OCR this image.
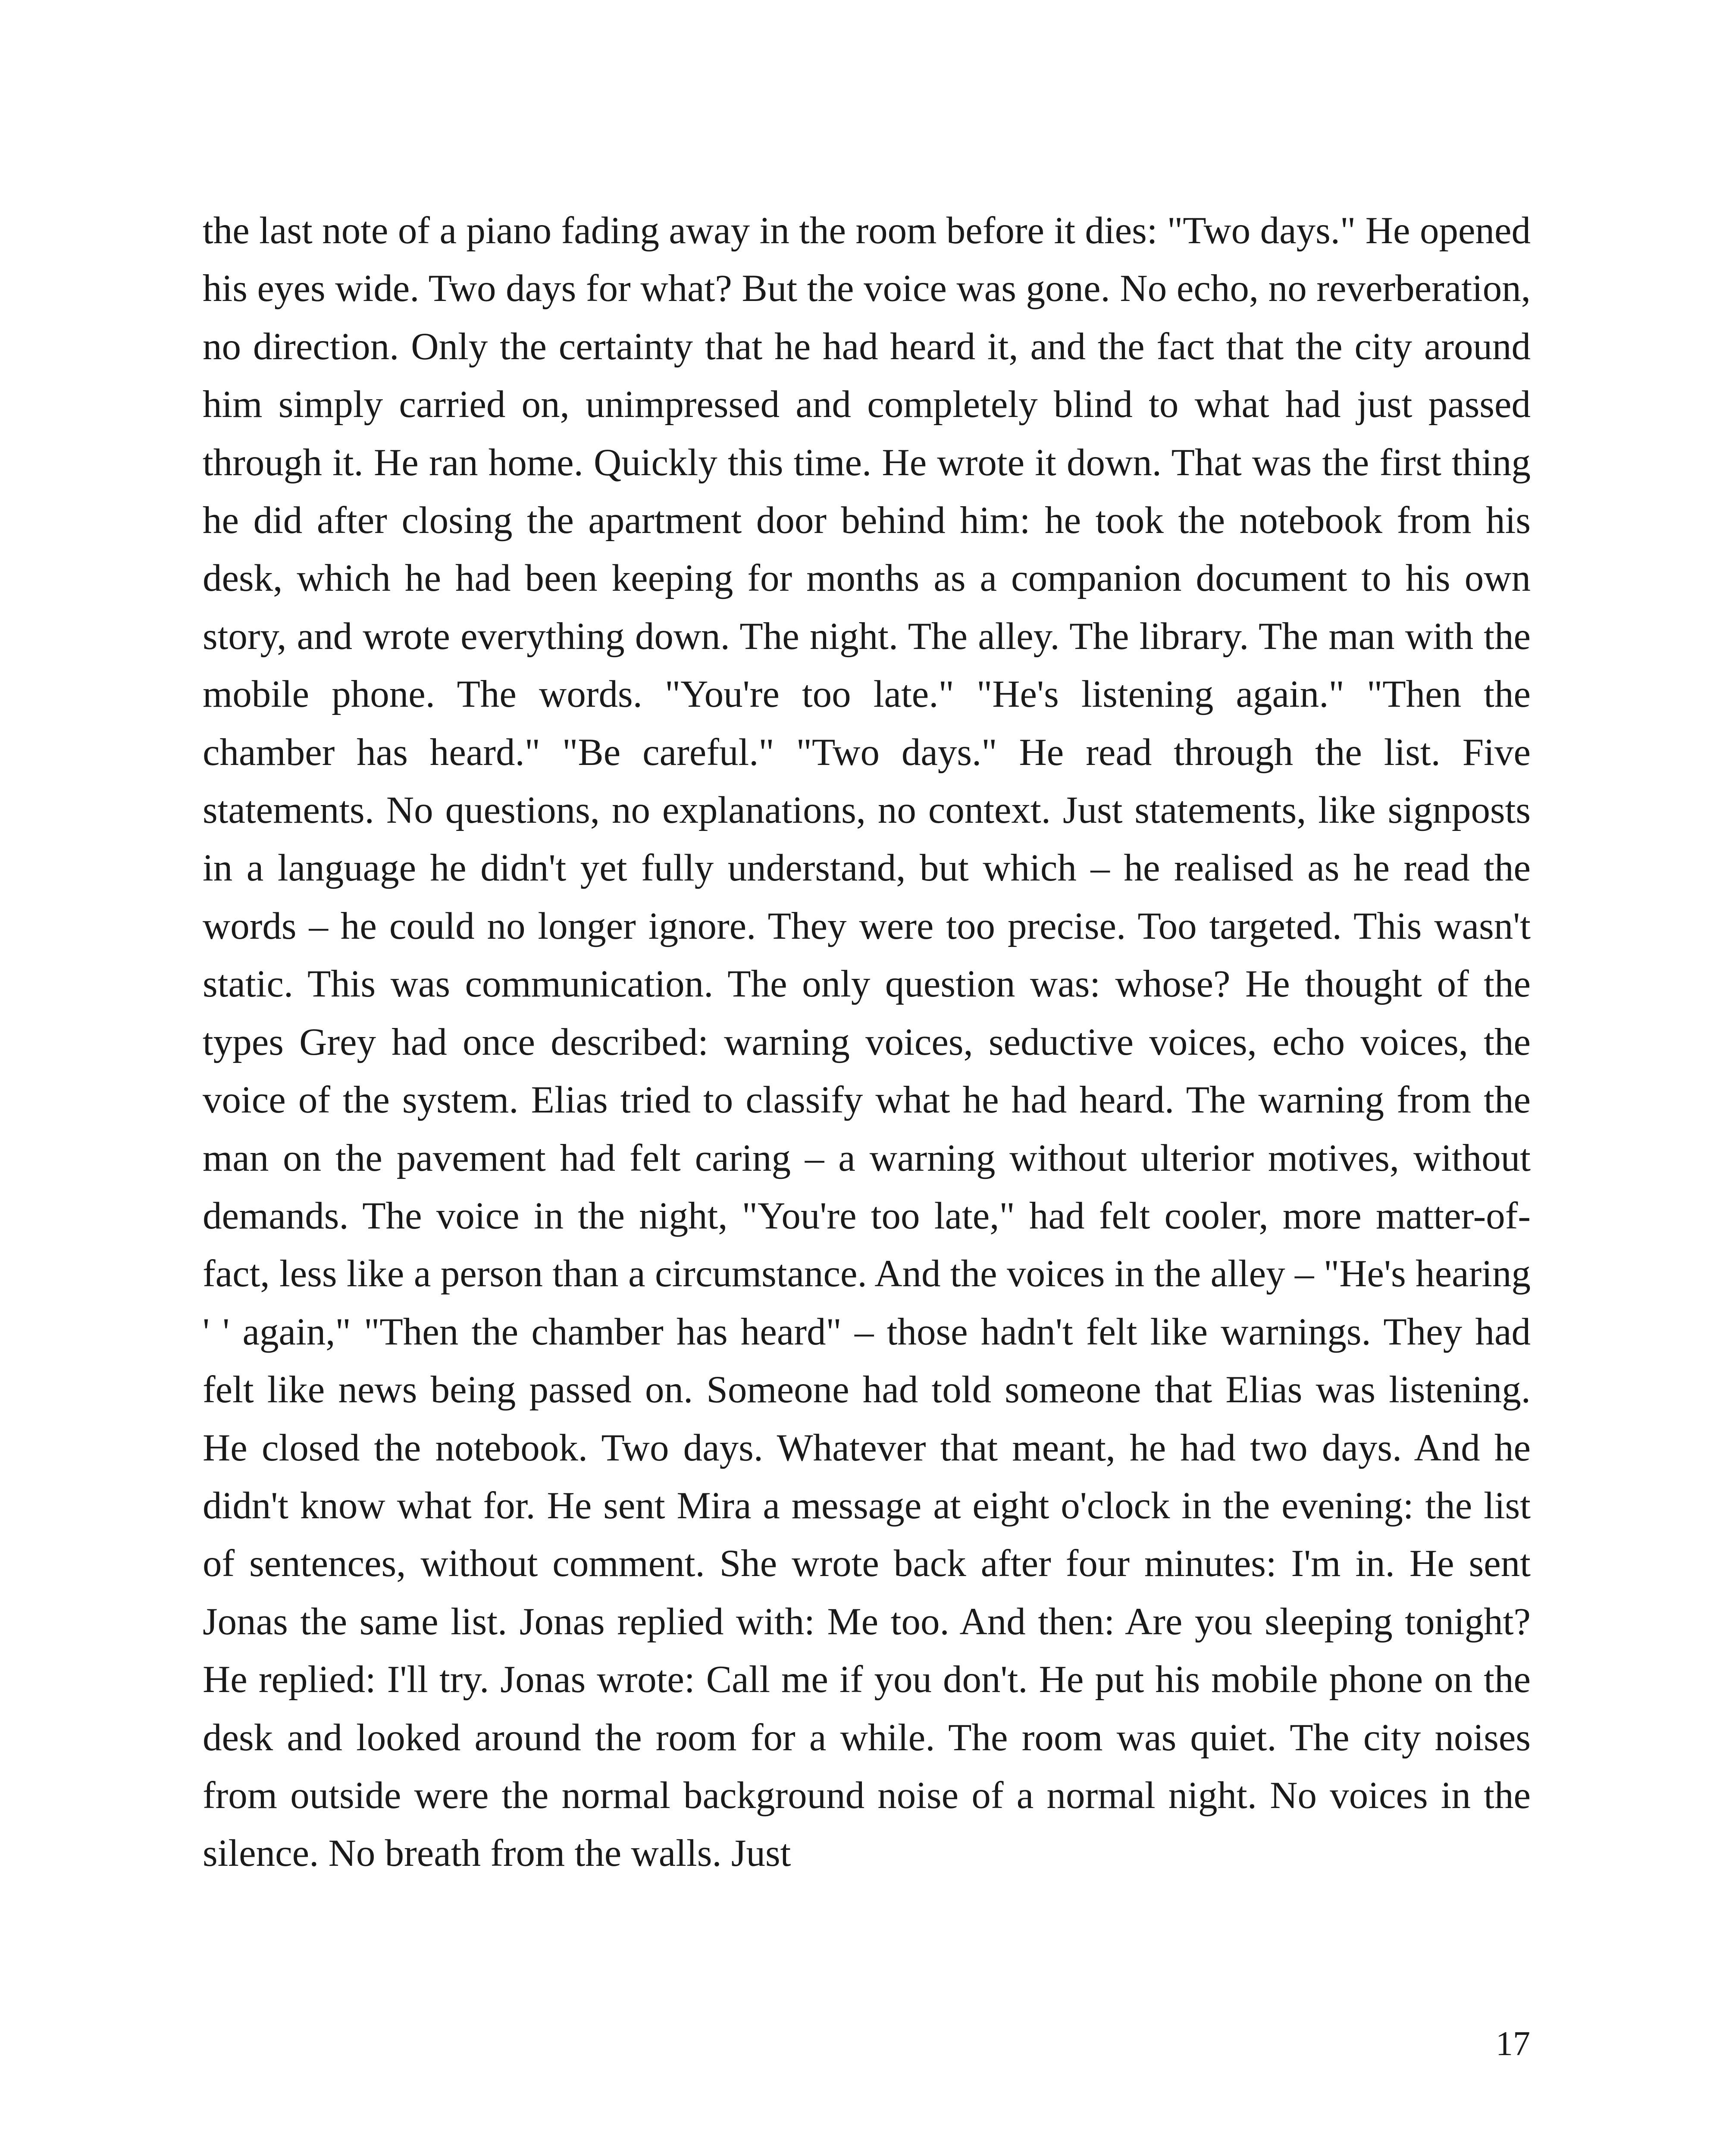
the last note of a piano fading away in the room before it dies: "Two days." He opened his eyes wide. Two days for what? But the voice was gone. No echo, no reverberation, no direction. Only the certainty that he had heard it, and the fact that the city around him simply carried on, unimpressed and completely blind to what had just passed through it. He ran home. Quickly this time. He wrote it down. That was the first thing he did after closing the apartment door behind him: he took the notebook from his desk, which he had been keeping for months as a companion document to his own story, and wrote everything down. The night. The alley. The library. The man with the mobile phone. The words. "You're too late." "He's listening again." "Then the chamber has heard." "Be careful." "Two days." He read through the list. Five statements. No questions, no explanations, no context. Just statements, like signposts in a language he didn't yet fully understand, but which – he realised as he read the words – he could no longer ignore. They were too precise. Too targeted. This wasn't static. This was communication. The only question was: whose? He thought of the types Grey had once described: warning voices, seductive voices, echo voices, the voice of the system. Elias tried to classify what he had heard. The warning from the man on the pavement had felt caring – a warning without ulterior motives, without demands. The voice in the night, "You're too late," had felt cooler, more matter-of-fact, less like a person than a circumstance. And the voices in the alley – "He's hearing ' ' again," "Then the chamber has heard" – those hadn't felt like warnings. They had felt like news being passed on. Someone had told someone that Elias was listening. He closed the notebook. Two days. Whatever that meant, he had two days. And he didn't know what for. He sent Mira a message at eight o'clock in the evening: the list of sentences, without comment. She wrote back after four minutes: I'm in. He sent Jonas the same list. Jonas replied with: Me too. And then: Are you sleeping tonight? He replied: I'll try. Jonas wrote: Call me if you don't. He put his mobile phone on the desk and looked around the room for a while. The room was quiet. The city noises from outside were the normal background noise of a normal night. No voices in the silence. No breath from the walls. Just

17
